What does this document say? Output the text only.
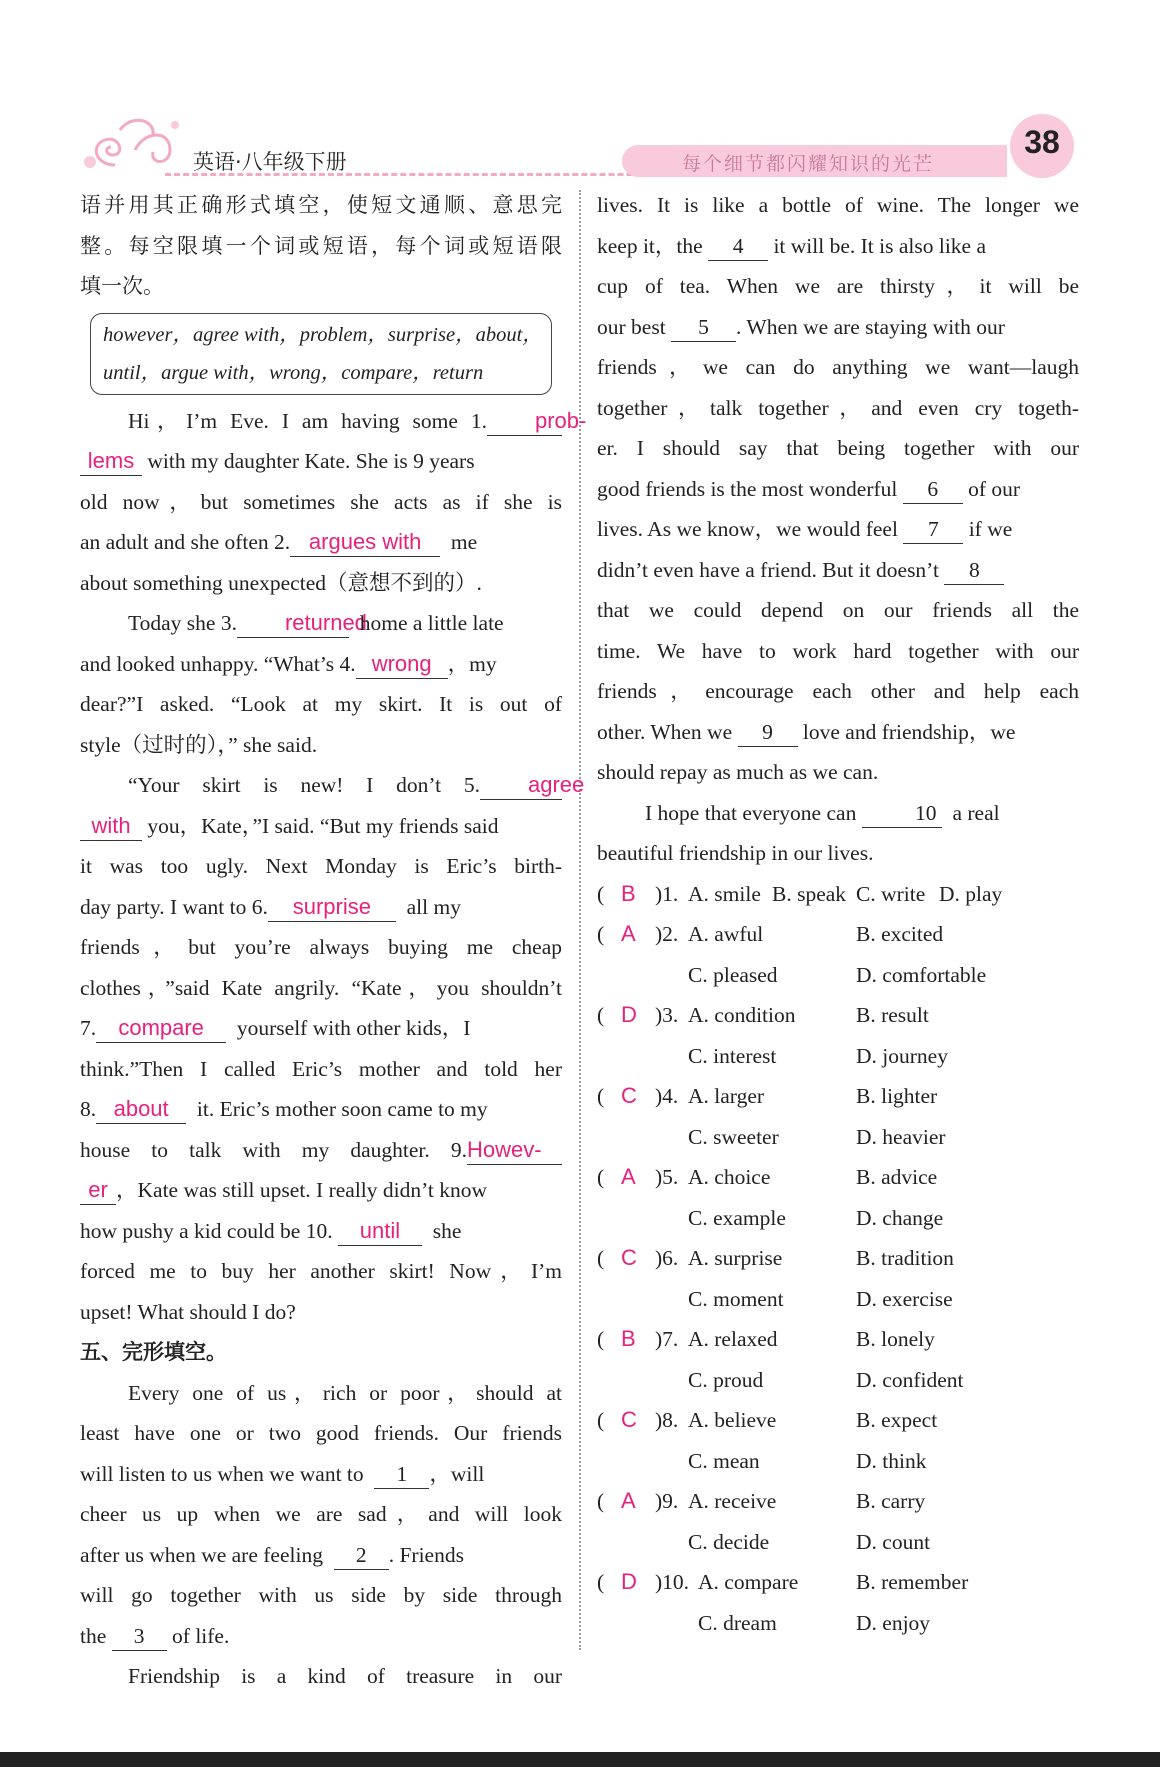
英语·八年级下册	每个细节都闪耀知识的光芒
38
语并用其正确形式填空，使短文通顺、意思完
整。每空限填一个词或短语，每个词或短语限
填一次。
however，agree with，problem，surprise，about，
until，argue with，wrong，compare，return
Hi，I’m Eve. I am having some 1. prob-
lems with my daughter Kate. She is 9 years
old now，but sometimes she acts as if she is
an adult and she often 2. argues with me
about something unexpected（意想不到的）.
Today she 3. returned  home a little late
and looked unhappy. “What’s 4. wrong ，my
dear?”I asked. “Look at my skirt. It is out of
style（过时的），” she said.
“Your skirt is new! I don’t 5. agree
with you，Kate，”I said. “But my friends said
it was too ugly. Next Monday is Eric’s birth-
day party. I want to 6. surprise all my
friends，but you’re always buying me cheap
clothes，”said Kate angrily. “Kate，you shouldn’t
7. compare yourself with other kids，I
think.”Then I called Eric’s mother and told her
8. about it. Eric’s mother soon came to my
house to talk with my daughter. 9.Howev-
er ，Kate was still upset. I really didn’t know
how pushy a kid could be 10. until she
forced me to buy her another skirt! Now，I’m
upset! What should I do?
五、完形填空。
Every one of us，rich or poor，should at
least have one or two good friends. Our friends
will listen to us when we want to 1 ，will
cheer us up when we are sad，and will look
after us when we are feeling 2 . Friends
will go together with us side by side through
the 3 of life.
Friendship is a kind of treasure in our
lives. It is like a bottle of wine. The longer we
keep it，the 4 it will be. It is also like a
cup of tea. When we are thirsty，it will be
our best 5 . When we are staying with our
friends，we can do anything we want—laugh
together，talk together，and even cry togeth-
er. I should say that being together with our
good friends is the most wonderful 6 of our
lives. As we know，we would feel 7 if we
didn’t even have a friend. But it doesn’t 8
that we could depend on our friends all the
time. We have to work hard together with our
friends，encourage each other and help each
other. When we 9 love and friendship，we
should repay as much as we can.
I hope that everyone can	10 a real
beautiful friendship in our lives.
( B )1. A. smile B. speak C. write D. play
( A )2. A. awful	B. excited
C. pleased	D. comfortable
( D )3. A. condition	B. result
C. interest	D. journey
( C )4. A. larger	B. lighter
C. sweeter	D. heavier
( A )5. A. choice	B. advice
C. example	D. change
( C )6. A. surprise	B. tradition
C. moment	D. exercise
( B )7. A. relaxed	B. lonely
C. proud	D. confident
( C )8. A. believe	B. expect
C. mean	D. think
( A )9. A. receive	B. carry
C. decide	D. count
( D )10. A. compare	B. remember
C. dream	D. enjoy
